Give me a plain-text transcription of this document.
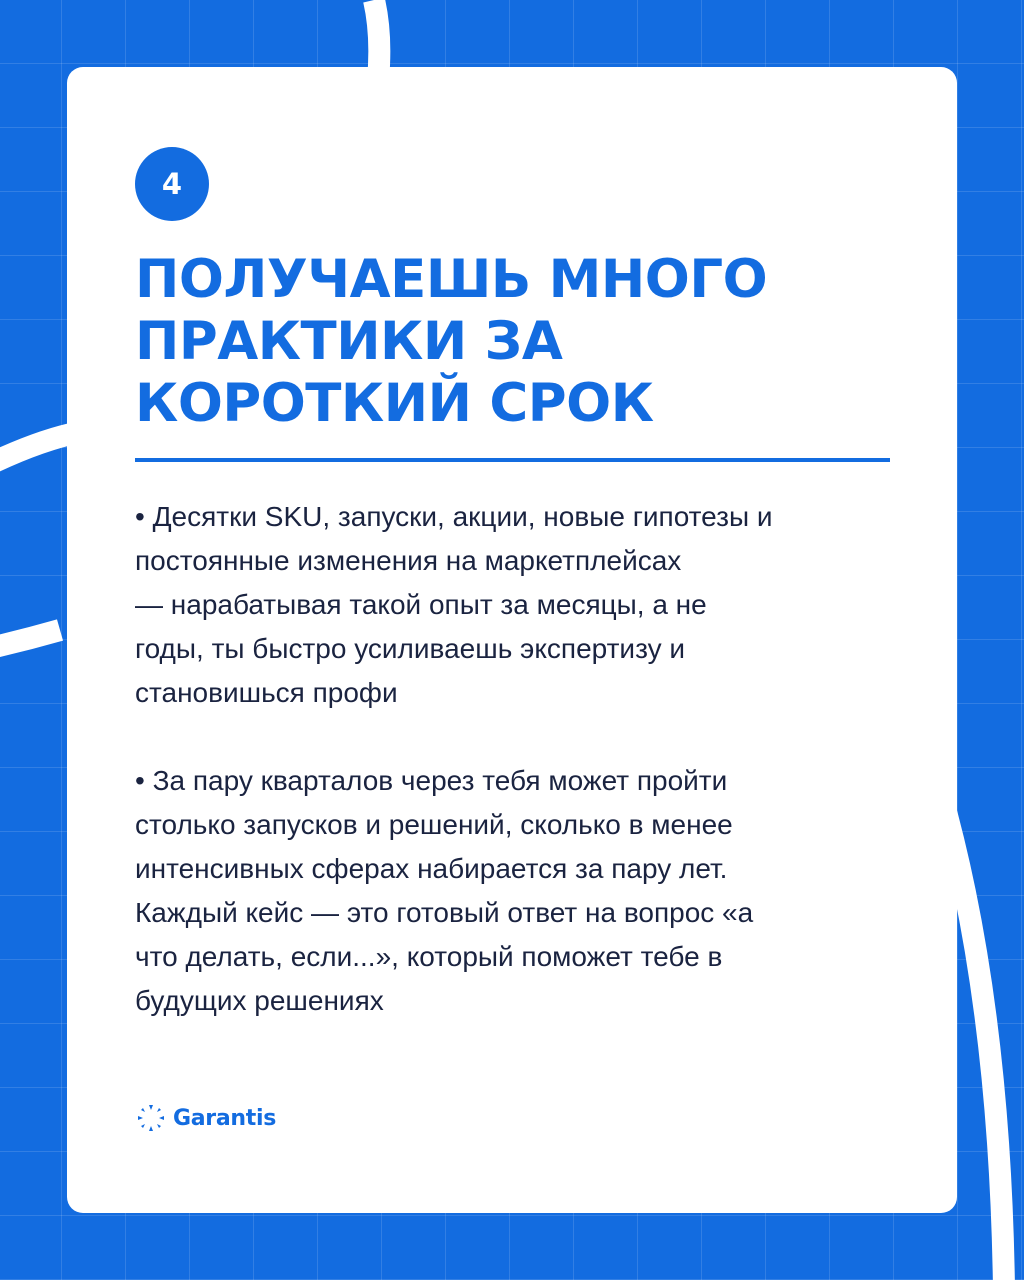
4
ПОЛУЧАЕШЬ МНОГО
ПРАКТИКИ ЗА
КОРОТКИЙ СРОК

• Десятки SKU, запуски, акции, новые гипотезы и
постоянные изменения на маркетплейсах
— нарабатывая такой опыт за месяцы, а не
годы, ты быстро усиливаешь экспертизу и
становишься профи

• За пару кварталов через тебя может пройти
столько запусков и решений, сколько в менее
интенсивных сферах набирается за пару лет.
Каждый кейс — это готовый ответ на вопрос «а
что делать, если...», который поможет тебе в
будущих решениях

Garantis
